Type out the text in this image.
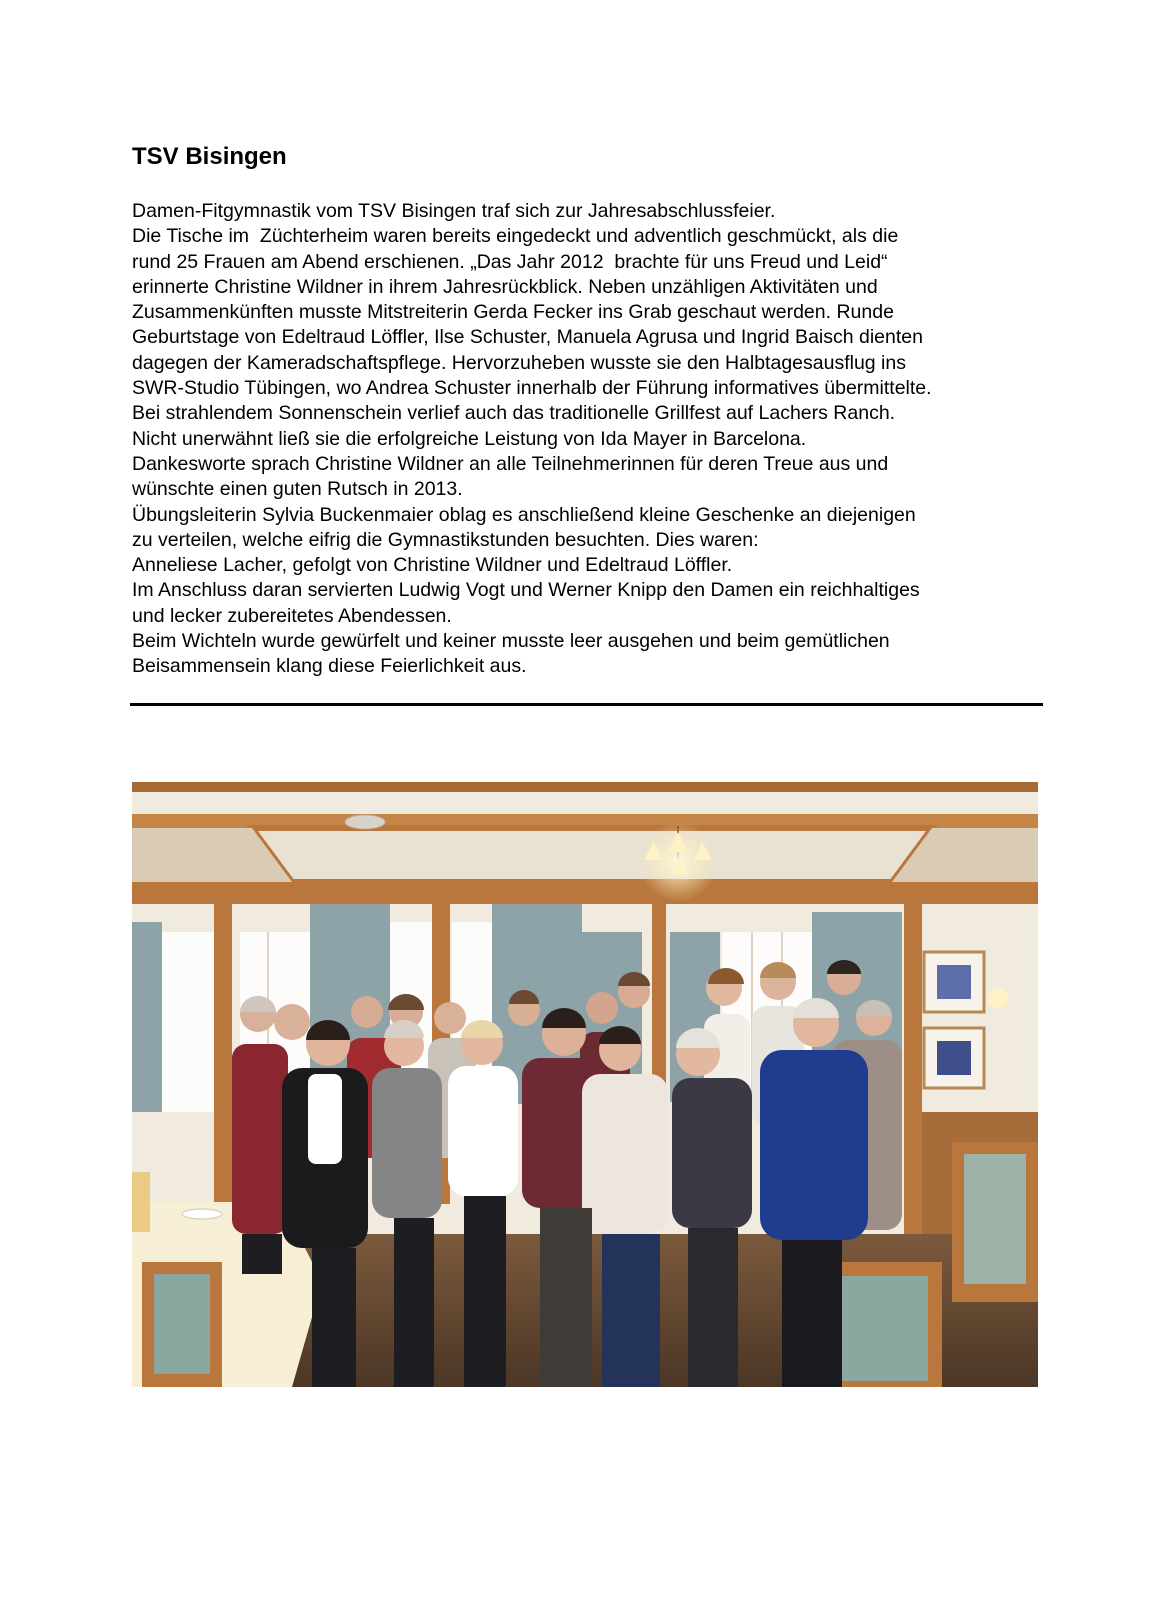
TSV Bisingen
Damen-Fitgymnastik vom TSV Bisingen traf sich zur Jahresabschlussfeier.
Die Tische im  Züchterheim waren bereits eingedeckt und adventlich geschmückt, als die
rund 25 Frauen am Abend erschienen. „Das Jahr 2012  brachte für uns Freud und Leid“
erinnerte Christine Wildner in ihrem Jahresrückblick. Neben unzähligen Aktivitäten und
Zusammenkünften musste Mitstreiterin Gerda Fecker ins Grab geschaut werden. Runde
Geburtstage von Edeltraud Löffler, Ilse Schuster, Manuela Agrusa und Ingrid Baisch dienten
dagegen der Kameradschaftspflege. Hervorzuheben wusste sie den Halbtagesausflug ins
SWR-Studio Tübingen, wo Andrea Schuster innerhalb der Führung informatives übermittelte.
Bei strahlendem Sonnenschein verlief auch das traditionelle Grillfest auf Lachers Ranch.
Nicht unerwähnt ließ sie die erfolgreiche Leistung von Ida Mayer in Barcelona.
Dankesworte sprach Christine Wildner an alle Teilnehmerinnen für deren Treue aus und
wünschte einen guten Rutsch in 2013.
Übungsleiterin Sylvia Buckenmaier oblag es anschließend kleine Geschenke an diejenigen
zu verteilen, welche eifrig die Gymnastikstunden besuchten. Dies waren:
Anneliese Lacher, gefolgt von Christine Wildner und Edeltraud Löffler.
Im Anschluss daran servierten Ludwig Vogt und Werner Knipp den Damen ein reichhaltiges
und lecker zubereitetes Abendessen.
Beim Wichteln wurde gewürfelt und keiner musste leer ausgehen und beim gemütlichen
Beisammensein klang diese Feierlichkeit aus.
